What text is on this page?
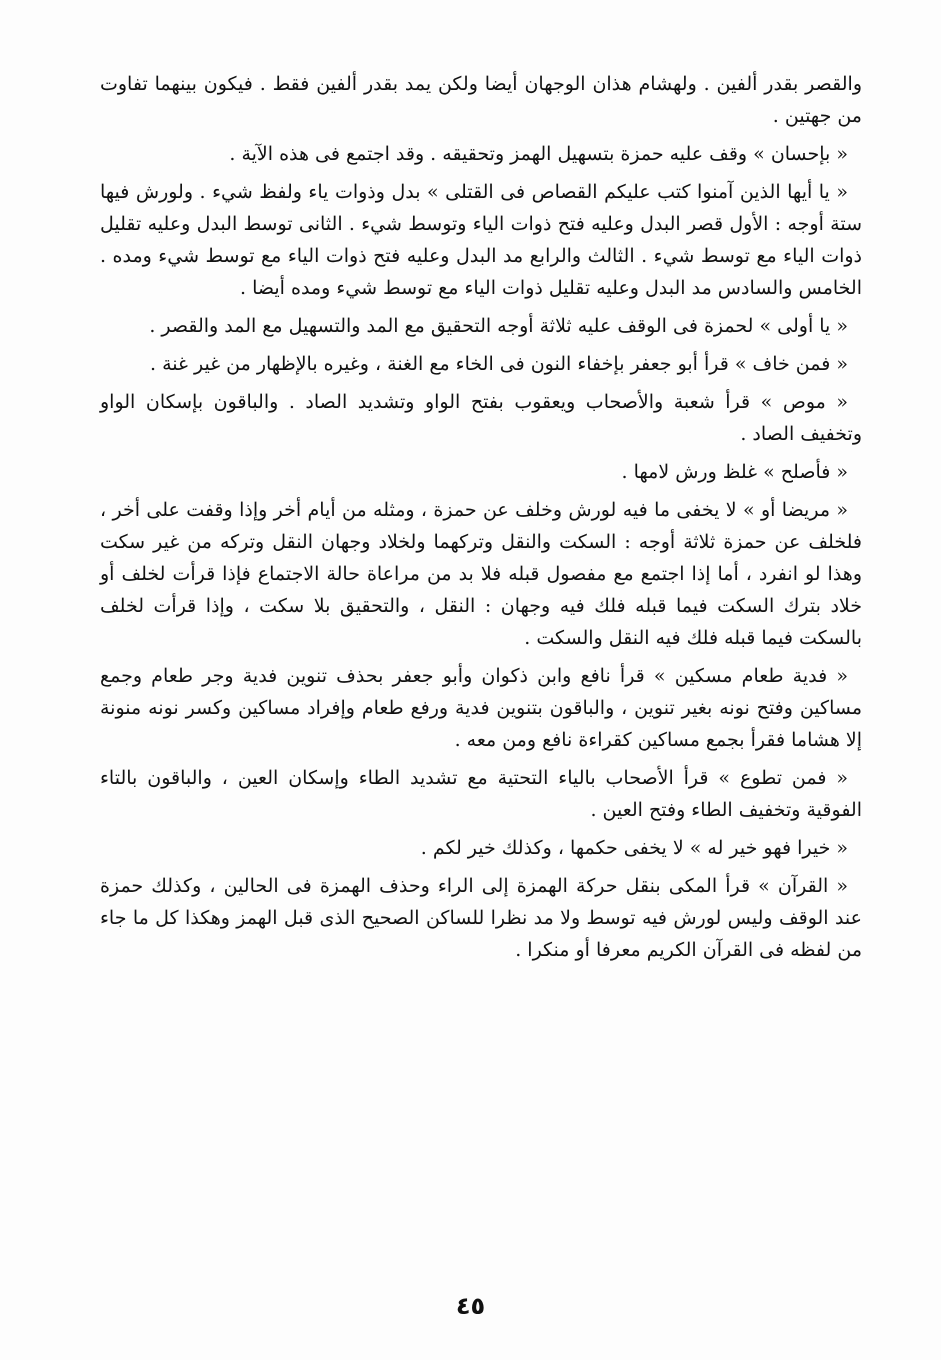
والقصر بقدر ألفين . ولهشام هذان الوجهان أيضا ولكن يمد بقدر ألفين فقط . فيكون بينهما تفاوت من جهتين .

« بإحسان » وقف عليه حمزة بتسهيل الهمز وتحقيقه . وقد اجتمع فى هذه الآية .

« يا أيها الذين آمنوا كتب عليكم القصاص فى القتلى » بدل وذوات ياء ولفظ شيء . ولورش فيها ستة أوجه : الأول قصر البدل وعليه فتح ذوات الياء وتوسط شيء . الثانى توسط البدل وعليه تقليل ذوات الياء مع توسط شيء . الثالث والرابع مد البدل وعليه فتح ذوات الياء مع توسط شيء ومده . الخامس والسادس مد البدل وعليه تقليل ذوات الياء مع توسط شيء ومده أيضا .

« يا أولى » لحمزة فى الوقف عليه ثلاثة أوجه التحقيق مع المد والتسهيل مع المد والقصر .

« فمن خاف » قرأ أبو جعفر بإخفاء النون فى الخاء مع الغنة ، وغيره بالإظهار من غير غنة .

« موص » قرأ شعبة والأصحاب ويعقوب بفتح الواو وتشديد الصاد . والباقون بإسكان الواو وتخفيف الصاد .

« فأصلح » غلظ ورش لامها .

« مريضا أو » لا يخفى ما فيه لورش وخلف عن حمزة ، ومثله من أيام أخر وإذا وقفت على أخر ، فلخلف عن حمزة ثلاثة أوجه : السكت والنقل وتركهما ولخلاد وجهان النقل وتركه من غير سكت وهذا لو انفرد ، أما إذا اجتمع مع مفصول قبله فلا بد من مراعاة حالة الاجتماع فإذا قرأت لخلف أو خلاد بترك السكت فيما قبله فلك فيه وجهان : النقل ، والتحقيق بلا سكت ، وإذا قرأت لخلف بالسكت فيما قبله فلك فيه النقل والسكت .

« فدية طعام مسكين » قرأ نافع وابن ذكوان وأبو جعفر بحذف تنوين فدية وجر طعام وجمع مساكين وفتح نونه بغير تنوين ، والباقون بتنوين فدية ورفع طعام وإفراد مساكين وكسر نونه منونة إلا هشاما فقرأ بجمع مساكين كقراءة نافع ومن معه .

« فمن تطوع » قرأ الأصحاب بالياء التحتية مع تشديد الطاء وإسكان العين ، والباقون بالتاء الفوقية وتخفيف الطاء وفتح العين .

« خيرا فهو خير له » لا يخفى حكمها ، وكذلك خير لكم .

« القرآن » قرأ المكى بنقل حركة الهمزة إلى الراء وحذف الهمزة فى الحالين ، وكذلك حمزة عند الوقف وليس لورش فيه توسط ولا مد نظرا للساكن الصحيح الذى قبل الهمز وهكذا كل ما جاء من لفظه فى القرآن الكريم معرفا أو منكرا .

٤٥
